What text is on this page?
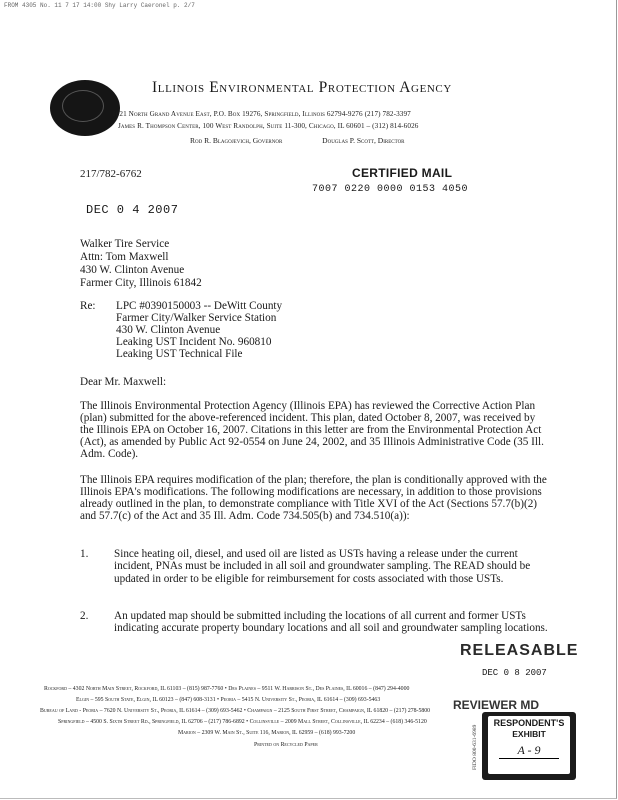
FROM 4305 No. 11 7 17 14:00 Shy Larry Caeronel p. 2/7
Illinois Environmental Protection Agency
1021 North Grand Avenue East, P.O. Box 19276, Springfield, Illinois 62794-9276 (217) 782-3397
James R. Thompson Center, 100 West Randolph, Suite 11-300, Chicago, IL 60601 – (312) 814-6026
Rod R. Blagojevich, Governor	Douglas P. Scott, Director
217/782-6762	CERTIFIED MAIL
7007 0220 0000 0153 4050
DEC 0 4 2007
Walker Tire Service
Attn: Tom Maxwell
430 W. Clinton Avenue
Farmer City, Illinois 61842
Re: LPC #0390150003 -- DeWitt County
Farmer City/Walker Service Station
430 W. Clinton Avenue
Leaking UST Incident No. 960810
Leaking UST Technical File
Dear Mr. Maxwell:

The Illinois Environmental Protection Agency (Illinois EPA) has reviewed the Corrective Action Plan (plan) submitted for the above-referenced incident. This plan, dated October 8, 2007, was received by the Illinois EPA on October 16, 2007. Citations in this letter are from the Environmental Protection Act (Act), as amended by Public Act 92-0554 on June 24, 2002, and 35 Illinois Administrative Code (35 Ill. Adm. Code).

The Illinois EPA requires modification of the plan; therefore, the plan is conditionally approved with the Illinois EPA's modifications. The following modifications are necessary, in addition to those provisions already outlined in the plan, to demonstrate compliance with Title XVI of the Act (Sections 57.7(b)(2) and 57.7(c) of the Act and 35 Ill. Adm. Code 734.505(b) and 734.510(a)):

1. Since heating oil, diesel, and used oil are listed as USTs having a release under the current incident, PNAs must be included in all soil and groundwater sampling. The READ should be updated in order to be eligible for reimbursement for costs associated with those USTs.

2. An updated map should be submitted including the locations of all current and former USTs indicating accurate property boundary locations and all soil and groundwater sampling locations.

RELEASABLE
DEC 0 8 2007
Rockford – 4302 North Main Street, Rockford, IL 61103 – (815) 987-7760 • Des Plaines – 9511 W. Harrison St., Des Plaines, IL 60016 – (847) 294-4000
Elgin – 595 South State, Elgin, IL 60123 – (847) 608-3131 • Peoria – 5415 N. University St., Peoria, IL 61614 – (309) 693-5463
Bureau of Land - Peoria – 7620 N. University St., Peoria, IL 61614 – (309) 693-5462 • Champaign – 2125 South First Street, Champaign, IL 61820 – (217) 278-5800
Springfield – 4500 S. Sixth Street Rd., Springfield, IL 62706 – (217) 786-6892 • Collinsville – 2009 Mall Street, Collinsville, IL 62234 – (618) 346-5120
Marion – 2309 W. Main St., Suite 116, Marion, IL 62959 – (618) 993-7200
Printed on Recycled Paper
REVIEWER MD
FIDO 800-631-6989
RESPONDENT'S
EXHIBIT
A - 9
